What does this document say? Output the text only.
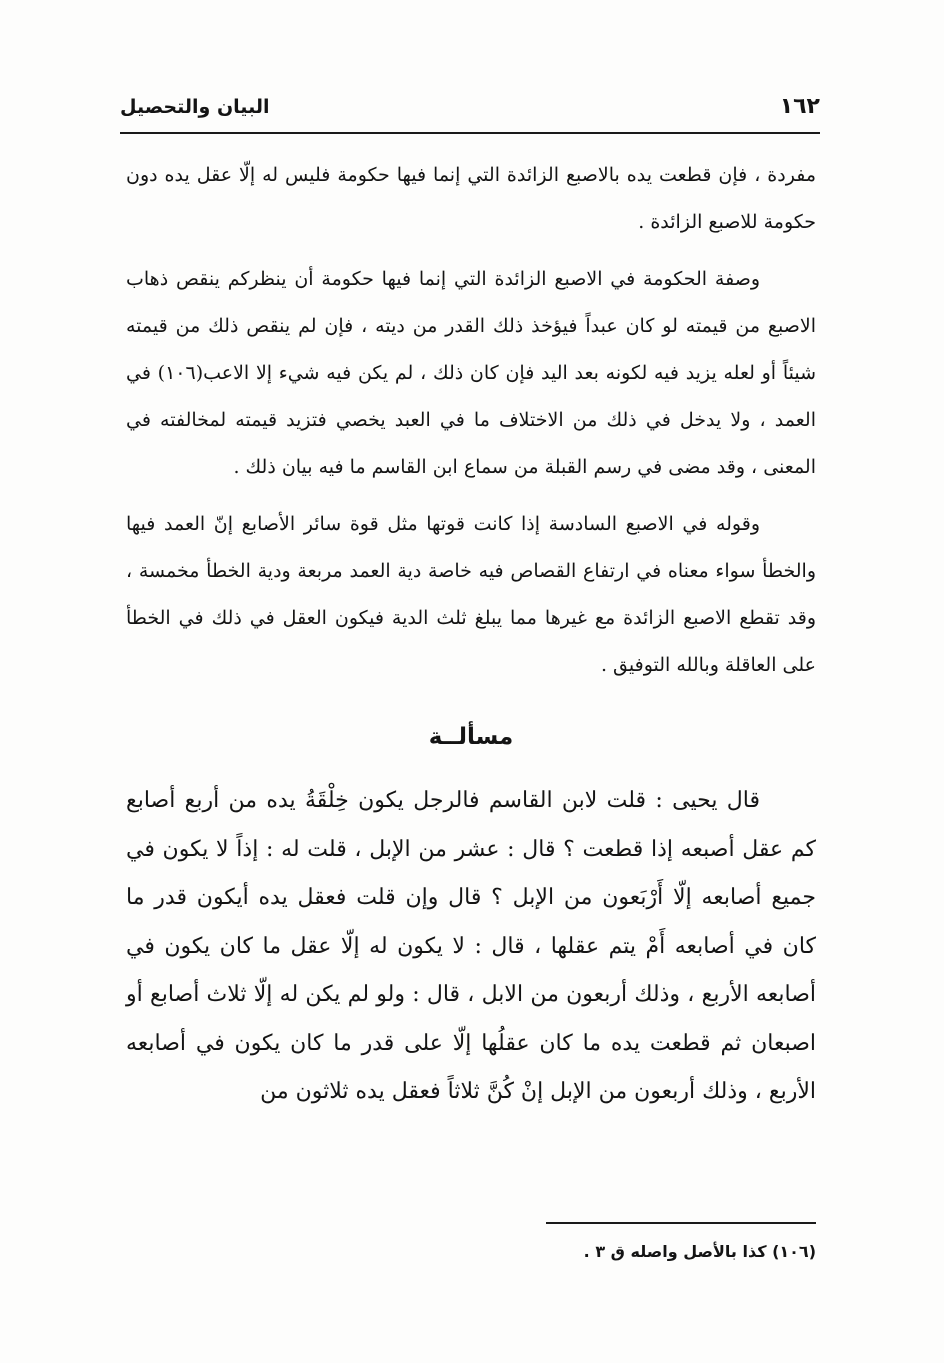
١٦٢
البيان والتحصيل

مفردة ، فإن قطعت يده بالاصبع الزائدة التي إنما فيها حكومة فليس له إلّا عقل يده دون حكومة للاصبع الزائدة .

وصفة الحكومة في الاصبع الزائدة التي إنما فيها حكومة أن ينظركم ينقص ذهاب الاصبع من قيمته لو كان عبداً فيؤخذ ذلك القدر من ديته ، فإن لم ينقص ذلك من قيمته شيئاً أو لعله يزيد فيه لكونه بعد اليد فإن كان ذلك ، لم يكن فيه شيء إلا الاعب(١٠٦) في العمد ، ولا يدخل في ذلك من الاختلاف ما في العبد يخصي فتزيد قيمته لمخالفته في المعنى ، وقد مضى في رسم القبلة من سماع ابن القاسم ما فيه بيان ذلك .

وقوله في الاصبع السادسة إذا كانت قوتها مثل قوة سائر الأصابع إنّ العمد فيها والخطأ سواء معناه في ارتفاع القصاص فيه خاصة دية العمد مربعة ودية الخطأ مخمسة ، وقد تقطع الاصبع الزائدة مع غيرها مما يبلغ ثلث الدية فيكون العقل في ذلك في الخطأ على العاقلة وبالله التوفيق .

مسألــة

قال يحيى : قلت لابن القاسم فالرجل يكون خِلْقَةُ يده من أربع أصابع كم عقل أصبعه إذا قطعت ؟ قال : عشر من الإبل ، قلت له : إذاً لا يكون في جميع أصابعه إلّا أَرْبَعون من الإبل ؟ قال وإن قلت فعقل يده أيكون قدر ما كان في أصابعه أَمْ يتم عقلها ، قال : لا يكون له إلّا عقل ما كان يكون في أصابعه الأربع ، وذلك أربعون من الابل ، قال : ولو لم يكن له إلّا ثلاث أصابع أو اصبعان ثم قطعت يده ما كان عقلُها إلّا على قدر ما كان يكون في أصابعه الأربع ، وذلك أربعون من الإبل إنْ كُنَّ ثلاثاً فعقل يده ثلاثون من

(١٠٦) كذا بالأصل واصله ق ٣ .
